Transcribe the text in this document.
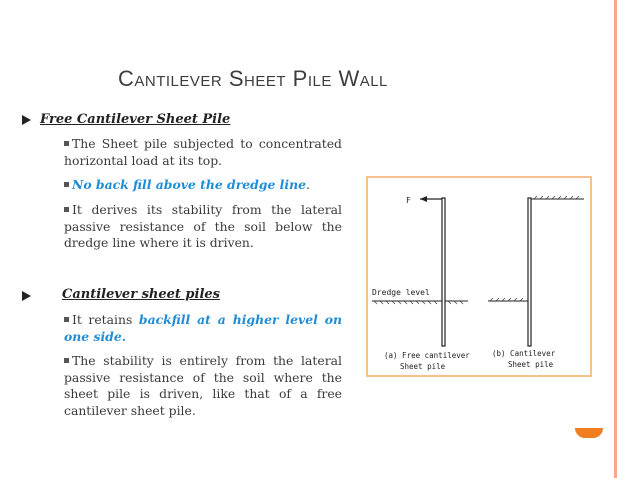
Cantilever Sheet Pile Wall
Free Cantilever Sheet Pile
The Sheet pile subjected to concentrated horizontal load at its top.
No back fill above the dredge line.
It derives its stability from the lateral passive resistance of the soil below the dredge line where it is driven.
Cantilever sheet piles
It retains backfill at a higher level on one side.
The stability is entirely from the lateral passive resistance of the soil where the sheet pile is driven, like that of a free cantilever sheet pile.
F
Dredge level
(a) Free cantilever
Sheet pile
(b) Cantilever
Sheet pile
